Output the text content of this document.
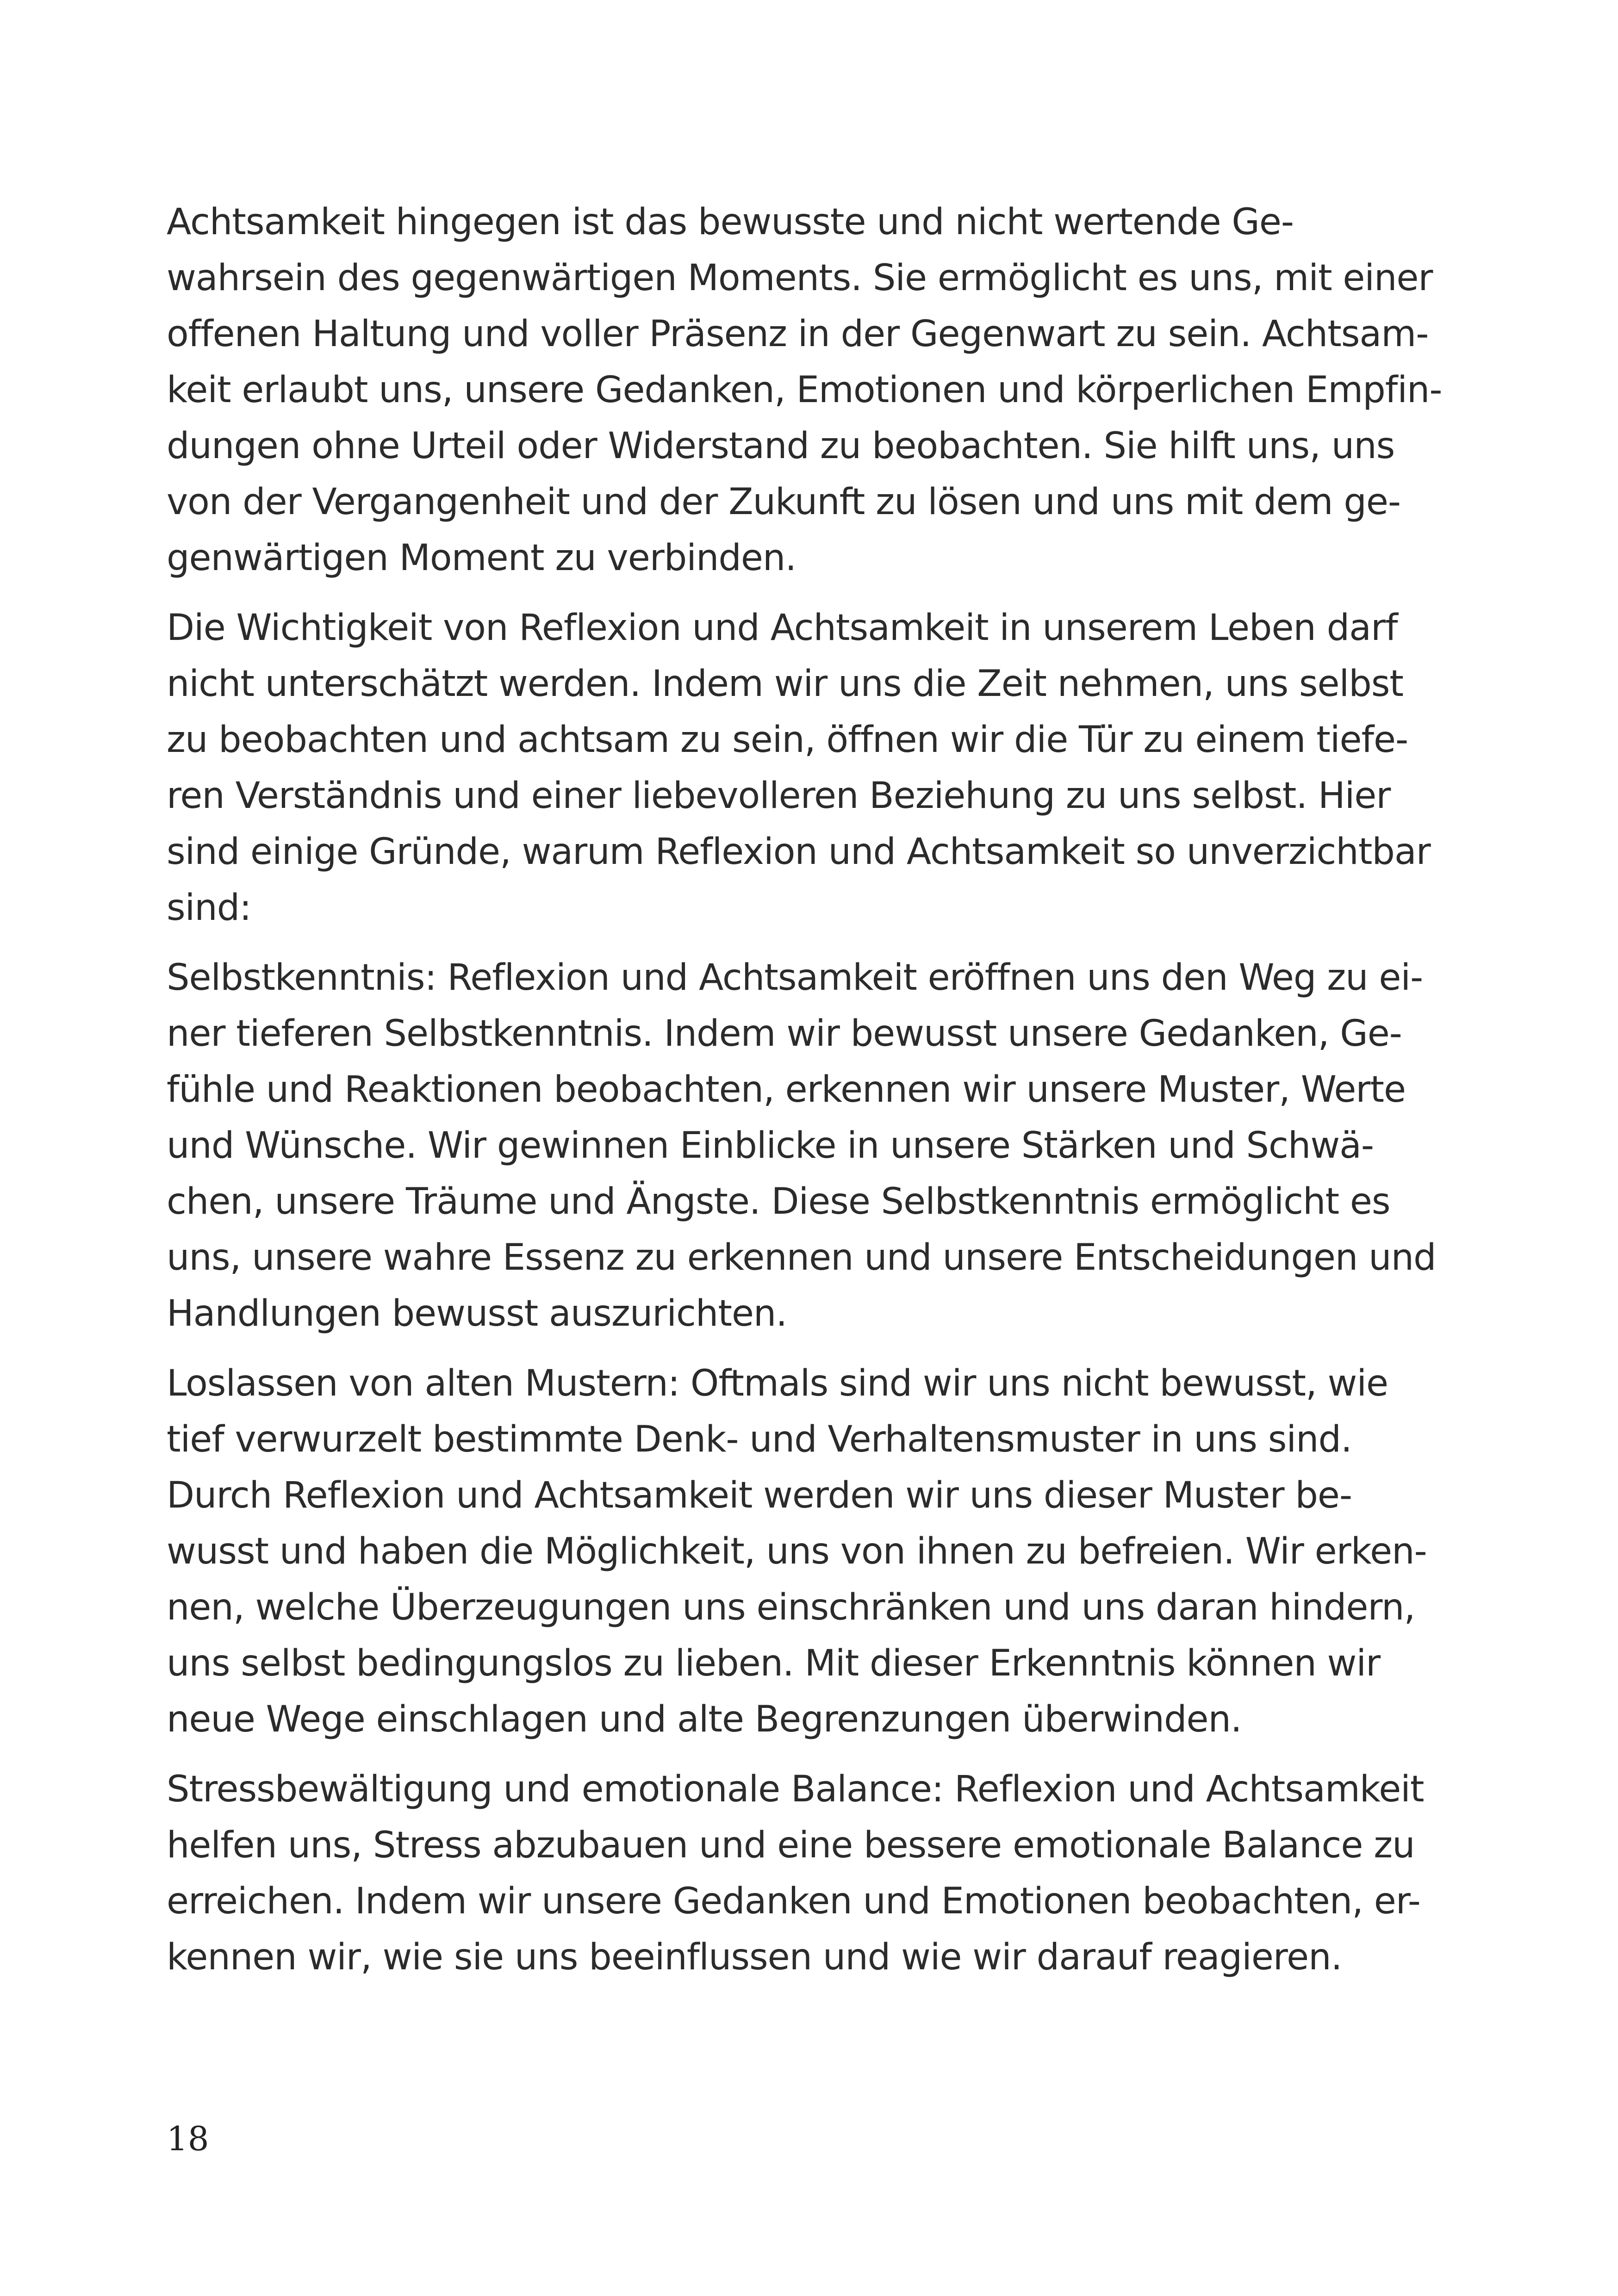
Achtsamkeit hingegen ist das bewusste und nicht wertende Ge-
wahrsein des gegenwärtigen Moments. Sie ermöglicht es uns, mit einer
offenen Haltung und voller Präsenz in der Gegenwart zu sein. Achtsam-
keit erlaubt uns, unsere Gedanken, Emotionen und körperlichen Empfin-
dungen ohne Urteil oder Widerstand zu beobachten. Sie hilft uns, uns
von der Vergangenheit und der Zukunft zu lösen und uns mit dem ge-
genwärtigen Moment zu verbinden.
Die Wichtigkeit von Reflexion und Achtsamkeit in unserem Leben darf
nicht unterschätzt werden. Indem wir uns die Zeit nehmen, uns selbst
zu beobachten und achtsam zu sein, öffnen wir die Tür zu einem tiefe-
ren Verständnis und einer liebevolleren Beziehung zu uns selbst. Hier
sind einige Gründe, warum Reflexion und Achtsamkeit so unverzichtbar
sind:
Selbstkenntnis: Reflexion und Achtsamkeit eröffnen uns den Weg zu ei-
ner tieferen Selbstkenntnis. Indem wir bewusst unsere Gedanken, Ge-
fühle und Reaktionen beobachten, erkennen wir unsere Muster, Werte
und Wünsche. Wir gewinnen Einblicke in unsere Stärken und Schwä-
chen, unsere Träume und Ängste. Diese Selbstkenntnis ermöglicht es
uns, unsere wahre Essenz zu erkennen und unsere Entscheidungen und
Handlungen bewusst auszurichten.
Loslassen von alten Mustern: Oftmals sind wir uns nicht bewusst, wie
tief verwurzelt bestimmte Denk- und Verhaltensmuster in uns sind.
Durch Reflexion und Achtsamkeit werden wir uns dieser Muster be-
wusst und haben die Möglichkeit, uns von ihnen zu befreien. Wir erken-
nen, welche Überzeugungen uns einschränken und uns daran hindern,
uns selbst bedingungslos zu lieben. Mit dieser Erkenntnis können wir
neue Wege einschlagen und alte Begrenzungen überwinden.
Stressbewältigung und emotionale Balance: Reflexion und Achtsamkeit
helfen uns, Stress abzubauen und eine bessere emotionale Balance zu
erreichen. Indem wir unsere Gedanken und Emotionen beobachten, er-
kennen wir, wie sie uns beeinflussen und wie wir darauf reagieren.
18
